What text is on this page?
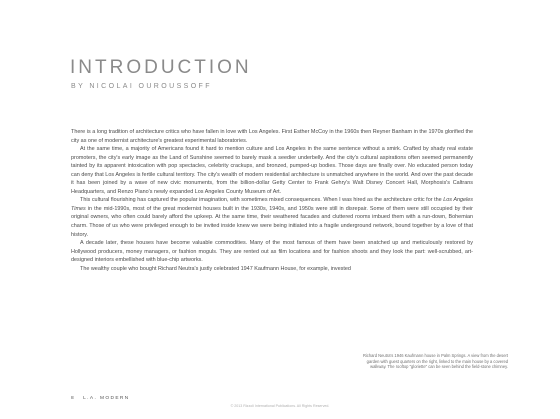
INTRODUCTION
BY NICOLAI OUROUSSOFF

There is a long tradition of architecture critics who have fallen in love with Los Angeles. First Esther McCoy in the 1960s then Reyner Banham in the 1970s glorified the city as one of modernist architecture's greatest experimental laboratories.

At the same time, a majority of Americans found it hard to mention culture and Los Angeles in the same sentence without a smirk. Crafted by shady real estate promoters, the city's early image as the Land of Sunshine seemed to barely mask a seedier underbelly. And the city's cultural aspirations often seemed permanently tainted by its apparent intoxication with pop spectacles, celebrity crackups, and bronzed, pumped-up bodies. Those days are finally over. No educated person today can deny that Los Angeles is fertile cultural territory. The city's wealth of modern residential architecture is unmatched anywhere in the world. And over the past decade it has been joined by a wave of new civic monuments, from the billion-dollar Getty Center to Frank Gehry's Walt Disney Concert Hall, Morphosis's Caltrans Headquarters, and Renzo Piano's newly expanded Los Angeles County Museum of Art.

This cultural flourishing has captured the popular imagination, with sometimes mixed consequences. When I was hired as the architecture critic for the Los Angeles Times in the mid-1990s, most of the great modernist houses built in the 1930s, 1940s, and 1950s were still in disrepair. Some of them were still occupied by their original owners, who often could barely afford the upkeep. At the same time, their weathered facades and cluttered rooms imbued them with a run-down, Bohemian charm. Those of us who were privileged enough to be invited inside knew we were being initiated into a fragile underground network, bound together by a love of that history.

A decade later, these houses have become valuable commodities. Many of the most famous of them have been snatched up and meticulously restored by Hollywood producers, money managers, or fashion moguls. They are rented out as film locations and for fashion shoots and they look the part: well-scrubbed, art-designed interiors embellished with blue-chip artworks.

The wealthy couple who bought Richard Neutra's justly celebrated 1947 Kaufmann House, for example, invested

Richard Neutra's 1946 Kaufmann house in Palm Springs. A view from the desert garden with guest quarters on the right, linked to the main house by a covered walkway. The rooftop "gloriette" can be seen behind the field-stone chimney.

8 L.A. MODERN
© 2013 Rizzoli International Publications. All Rights Reserved.
